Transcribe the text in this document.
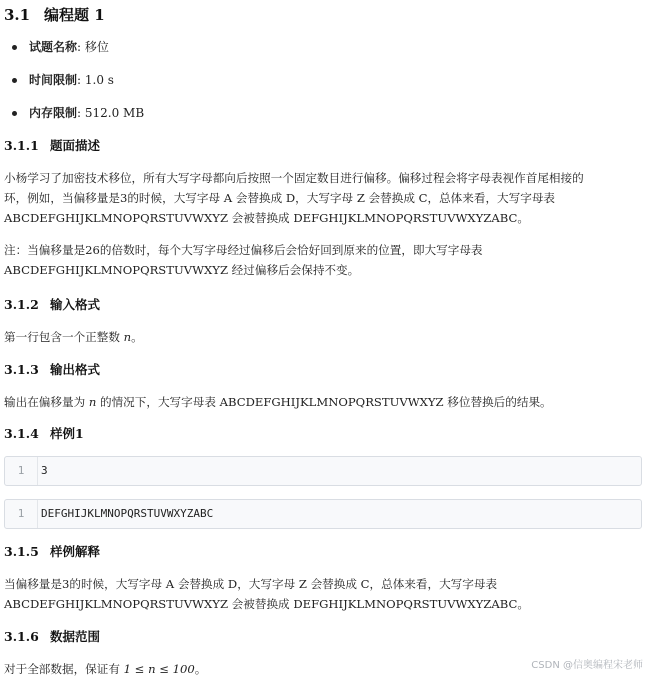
3.1 编程题 1
试题名称: 移位
时间限制: 1.0 s
内存限制: 512.0 MB
3.1.1 题面描述
小杨学习了加密技术移位，所有大写字母都向后按照一个固定数目进行偏移。偏移过程会将字母表视作首尾相接的
环，例如，当偏移量是3的时候，大写字母 A 会替换成 D，大写字母 Z 会替换成 C，总体来看，大写字母表
ABCDEFGHIJKLMNOPQRSTUVWXYZ 会被替换成 DEFGHIJKLMNOPQRSTUVWXYZABC。
注：当偏移量是26的倍数时，每个大写字母经过偏移后会恰好回到原来的位置，即大写字母表
ABCDEFGHIJKLMNOPQRSTUVWXYZ 经过偏移后会保持不变。
3.1.2 输入格式
第一行包含一个正整数 n。
3.1.3 输出格式
输出在偏移量为 n 的情况下，大写字母表 ABCDEFGHIJKLMNOPQRSTUVWXYZ 移位替换后的结果。
3.1.4 样例1
1	3
1	DEFGHIJKLMNOPQRSTUVWXYZABC
3.1.5 样例解释
当偏移量是3的时候，大写字母 A 会替换成 D，大写字母 Z 会替换成 C，总体来看，大写字母表
ABCDEFGHIJKLMNOPQRSTUVWXYZ 会被替换成 DEFGHIJKLMNOPQRSTUVWXYZABC。
3.1.6 数据范围
对于全部数据，保证有 1 ≤ n ≤ 100。	CSDN @信奥编程宋老师
